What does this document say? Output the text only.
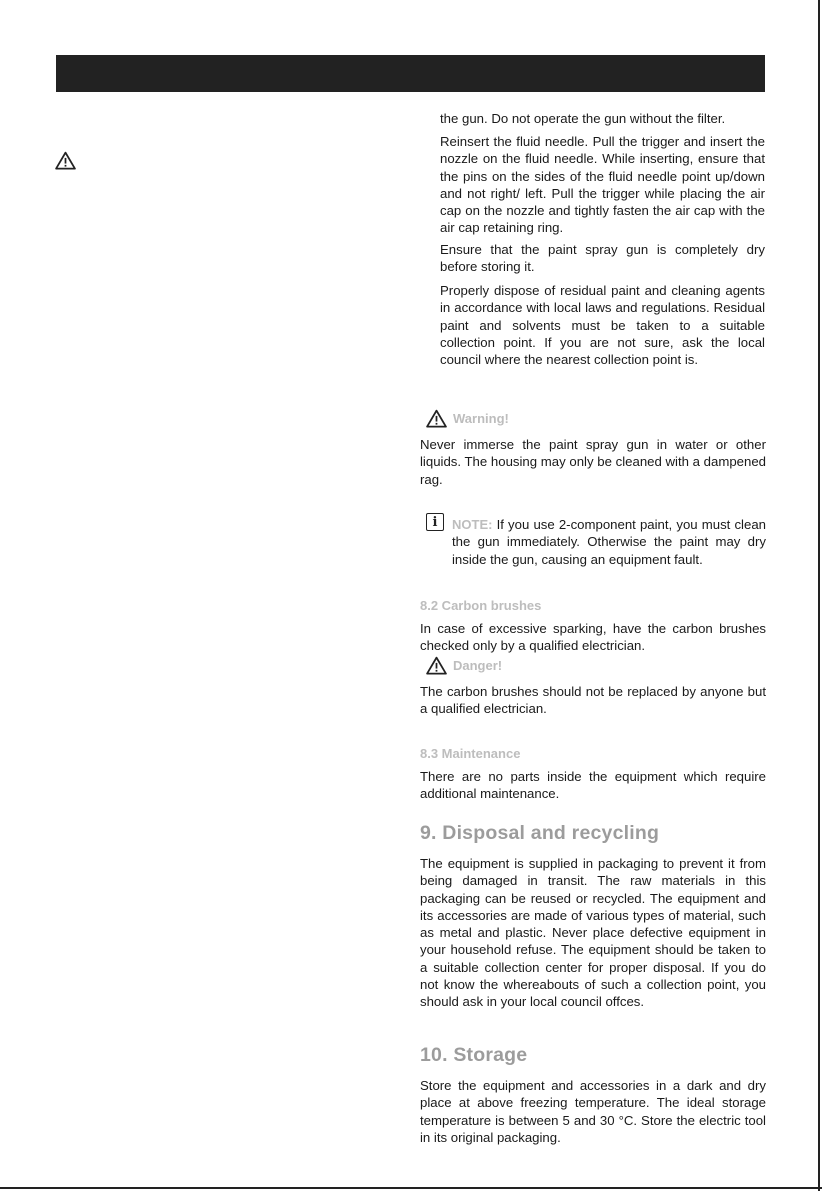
the gun. Do not operate the gun without the filter.

Reinsert the fluid needle. Pull the trigger and insert the nozzle on the fluid needle. While inserting, ensure that the pins on the sides of the fluid needle point up/down and not right/ left. Pull the trigger while placing the air cap on the nozzle and tightly fasten the air cap with the air cap retaining ring.

Ensure that the paint spray gun is completely dry before storing it.

Properly dispose of residual paint and cleaning agents in accordance with local laws and regulations. Residual paint and solvents must be taken to a suitable collection point. If you are not sure, ask the local council where the nearest collection point is.

Warning!

Never immerse the paint spray gun in water or other liquids. The housing may only be cleaned with a dampened rag.

i	NOTE: If you use 2-component paint, you must clean the gun immediately. Otherwise the paint may dry inside the gun, causing an equipment fault.

8.2 Carbon brushes

In case of excessive sparking, have the carbon brushes checked only by a qualified electrician.

Danger!

The carbon brushes should not be replaced by anyone but a qualified electrician.

8.3 Maintenance

There are no parts inside the equipment which require additional maintenance.

9. Disposal and recycling

The equipment is supplied in packaging to prevent it from being damaged in transit. The raw materials in this packaging can be reused or recycled. The equipment and its accessories are made of various types of material, such as metal and plastic. Never place defective equipment in your household refuse. The equipment should be taken to a suitable collection center for proper disposal. If you do not know the whereabouts of such a collection point, you should ask in your local council offces.

10. Storage

Store the equipment and accessories in a dark and dry place at above freezing temperature. The ideal storage temperature is between 5 and 30 °C. Store the electric tool in its original packaging.
